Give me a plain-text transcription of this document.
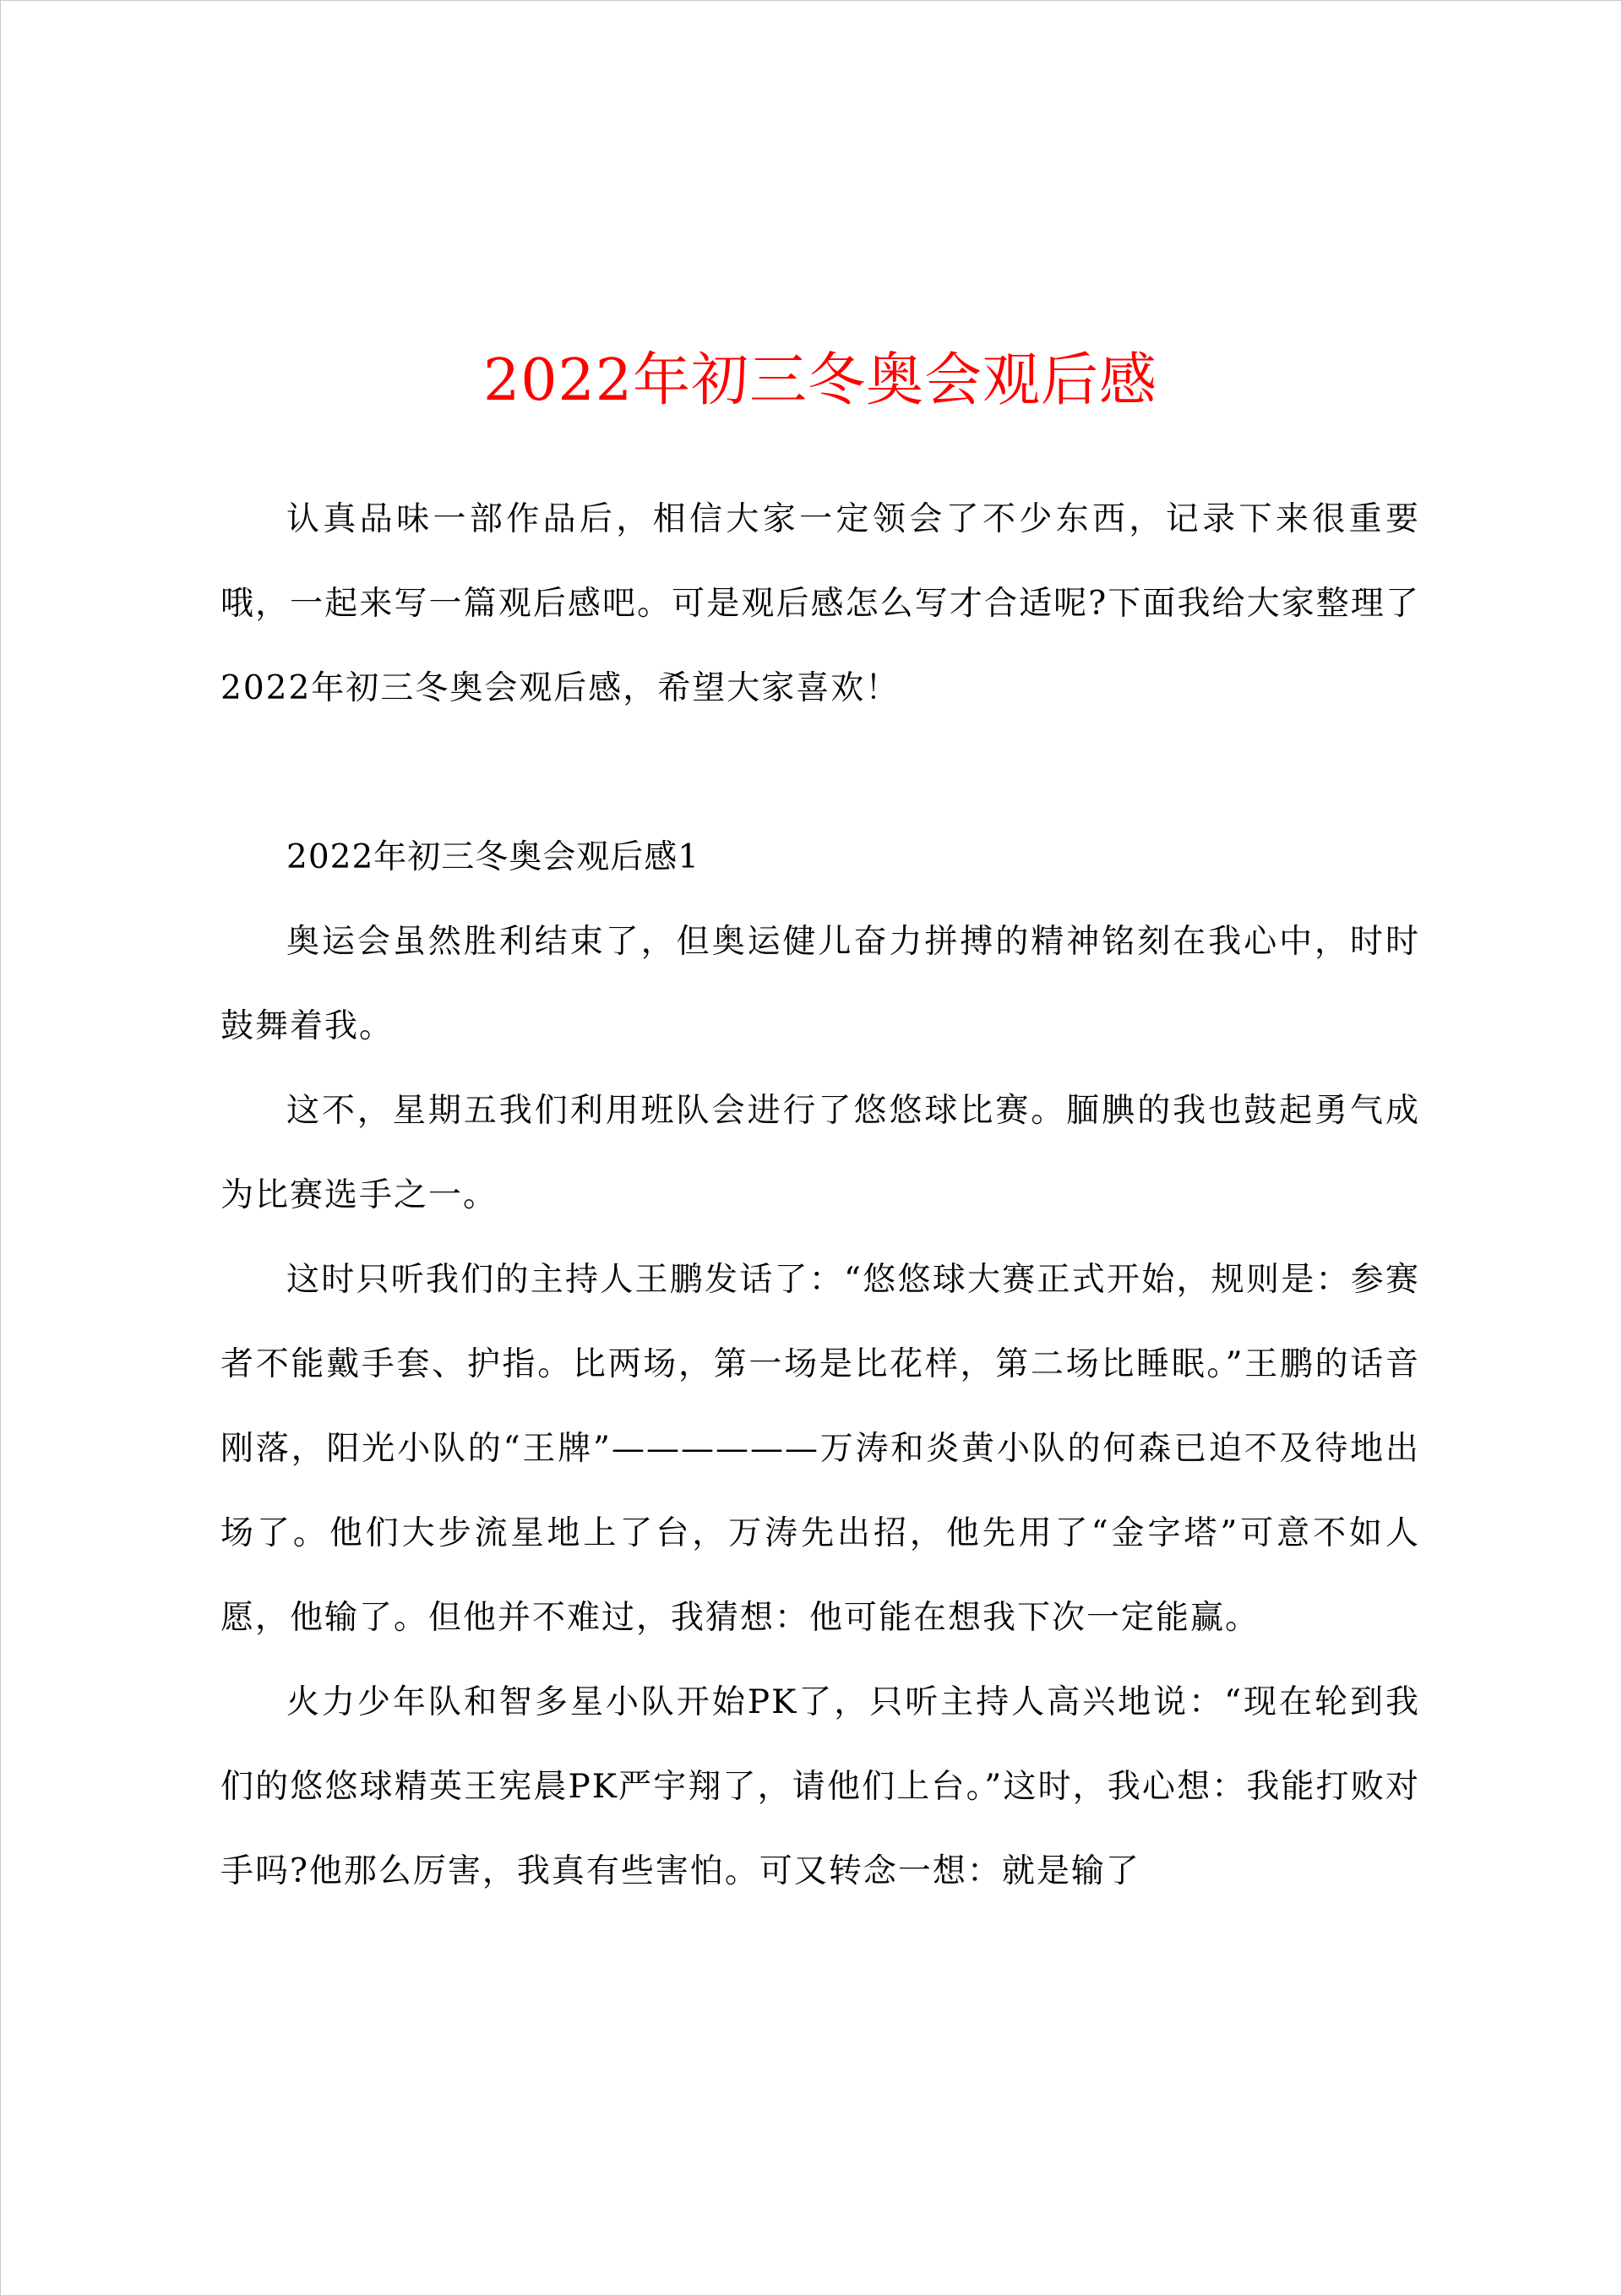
2022年初三冬奥会观后感

认真品味一部作品后，相信大家一定领会了不少东西，记录下来很重要哦，一起来写一篇观后感吧。可是观后感怎么写才合适呢?下面我给大家整理了2022年初三冬奥会观后感，希望大家喜欢！

2022年初三冬奥会观后感1

奥运会虽然胜利结束了，但奥运健儿奋力拼搏的精神铭刻在我心中，时时鼓舞着我。

这不，星期五我们利用班队会进行了悠悠球比赛。腼腆的我也鼓起勇气成为比赛选手之一。

这时只听我们的主持人王鹏发话了：“悠悠球大赛正式开始，规则是：参赛者不能戴手套、护指。比两场，第一场是比花样，第二场比睡眠。”王鹏的话音刚落，阳光小队的“王牌”——————万涛和炎黄小队的何森已迫不及待地出场了。他们大步流星地上了台，万涛先出招，他先用了“金字塔”可意不如人愿，他输了。但他并不难过，我猜想：他可能在想我下次一定能赢。

火力少年队和智多星小队开始PK了，只听主持人高兴地说：“现在轮到我们的悠悠球精英王宪晨PK严宇翔了，请他们上台。”这时，我心想：我能打败对手吗?他那么厉害，我真有些害怕。可又转念一想：就是输了
